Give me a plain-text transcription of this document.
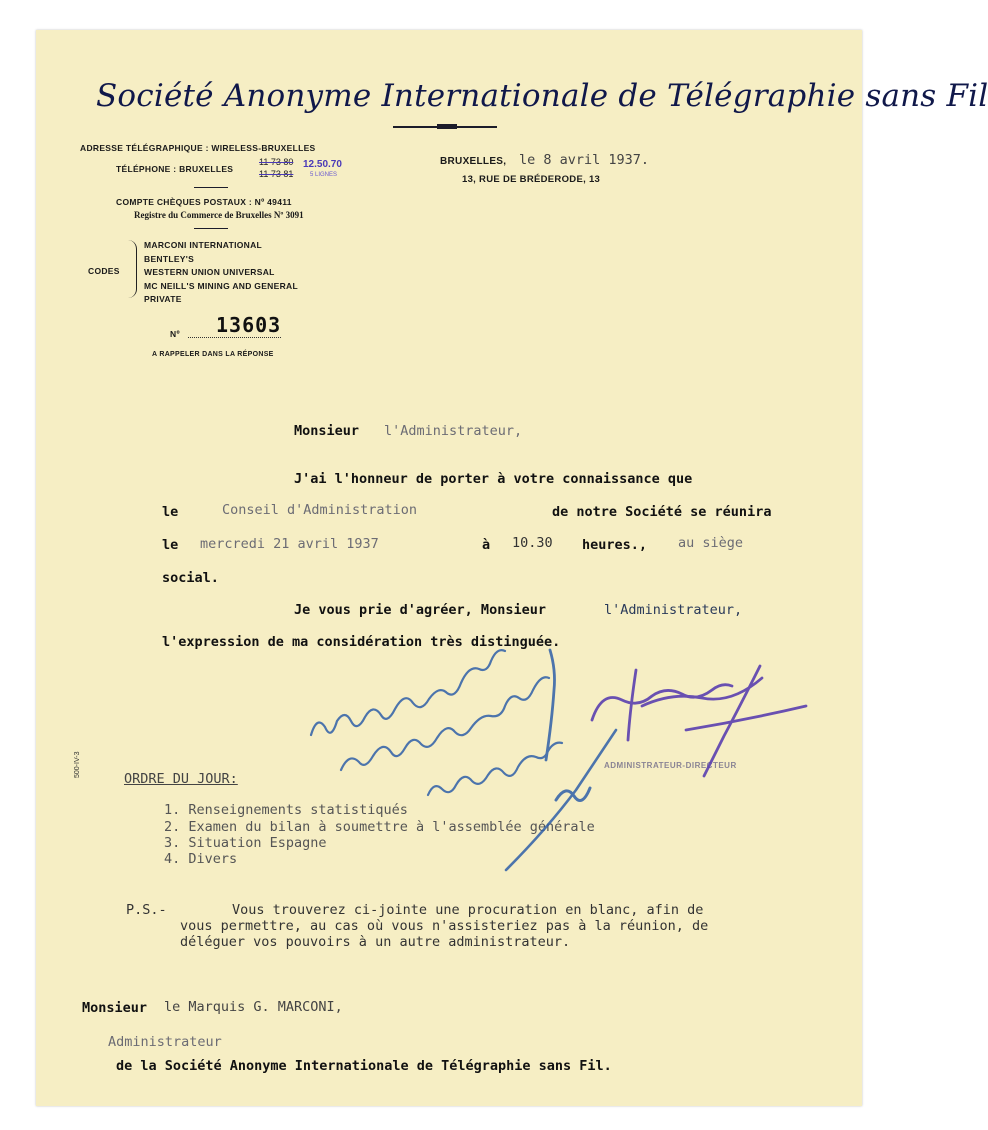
Société Anonyme Internationale de Télégraphie sans Fil
ADRESSE TÉLÉGRAPHIQUE : WIRELESS-BRUXELLES
TÉLÉPHONE : BRUXELLES
11 73 80
11 73 81
12.50.70
5 LIGNES
COMPTE CHÈQUES POSTAUX : Nº 49411
Registre du Commerce de Bruxelles Nº 3091
CODES
MARCONI INTERNATIONAL
BENTLEY'S
WESTERN UNION UNIVERSAL
MC NEILL'S MINING AND GENERAL
PRIVATE
Nº	13603
A RAPPELER DANS LA RÉPONSE
BRUXELLES, le 8 avril 1937.
13, RUE DE BRÉDERODE, 13
Monsieur l'Administrateur,
J'ai l'honneur de porter à votre connaissance que
le	Conseil d'Administration	de notre Société se réunira
le mercredi 21 avril 1937	à 10.30 heures., au siège
social.
Je vous prie d'agréer, Monsieur	l'Administrateur,
l'expression de ma considération très distinguée.
ADMINISTRATEUR-DIRECTEUR
ORDRE DU JOUR:
1. Renseignements statistiqués
2. Examen du bilan à soumettre à l'assemblée générale
3. Situation Espagne
4. Divers
P.S.-	Vous trouverez ci-jointe une procuration en blanc, afin de
vous permettre, au cas où vous n'assisteriez pas à la réunion, de
déléguer vos pouvoirs à un autre administrateur.
Monsieur le Marquis G. MARCONI,
Administrateur
de la Société Anonyme Internationale de Télégraphie sans Fil.
500-IV-3
